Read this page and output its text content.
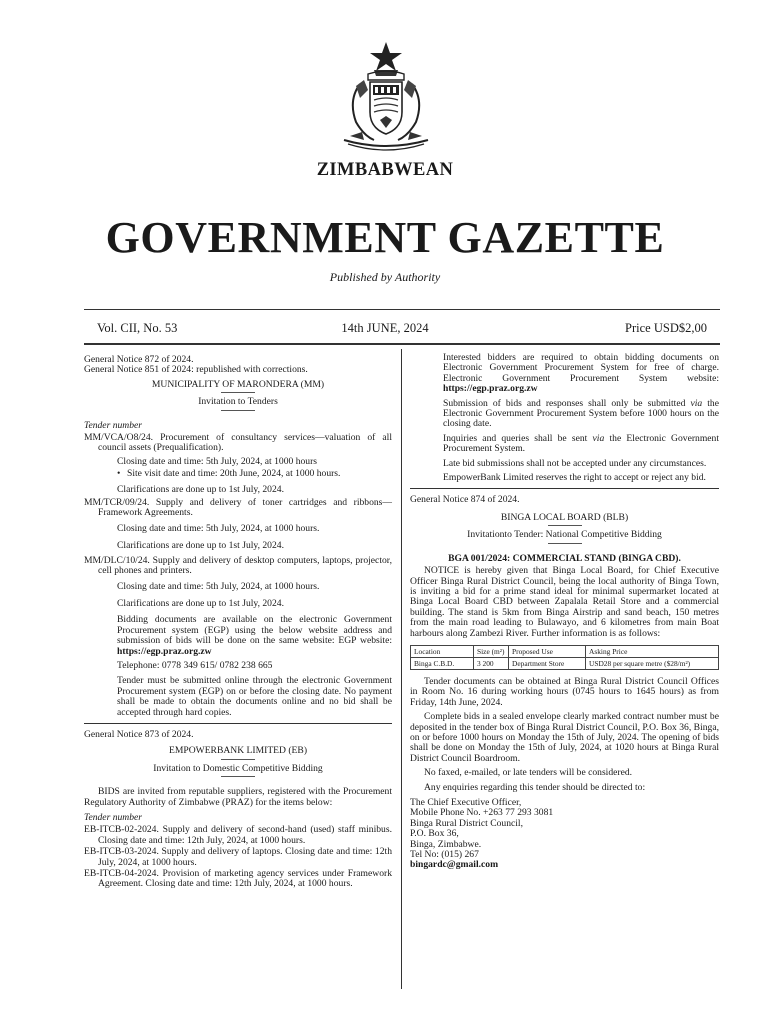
ZIMBABWEAN
GOVERNMENT GAZETTE
Published by Authority
Vol. CII, No. 53	14th JUNE, 2024	Price USD$2,00

General Notice 872 of 2024.

General Notice 851 of 2024: republished with corrections.

MUNICIPALITY OF MARONDERA (MM)

Invitation to Tenders

Tender number

MM/VCA/O8/24. Procurement of consultancy services—valuation of all council assets (Prequalification).

Closing date and time: 5th July, 2024, at 1000 hours

• Site visit date and time: 20th June, 2024, at 1000 hours.

Clarifications are done up to 1st July, 2024.

MM/TCR/09/24. Supply and delivery of toner cartridges and ribbons—Framework Agreements.

Closing date and time: 5th July, 2024, at 1000 hours.

Clarifications are done up to 1st July, 2024.

MM/DLC/10/24. Supply and delivery of desktop computers, laptops, projector, cell phones and printers.

Closing date and time: 5th July, 2024, at 1000 hours.

Clarifications are done up to 1st July, 2024.

Bidding documents are available on the electronic Government Procurement system (EGP) using the below website address and submission of bids will be done on the same website: EGP website: https://egp.praz.org.zw

Telephone: 0778 349 615/ 0782 238 665

Tender must be submitted online through the electronic Government Procurement system (EGP) on or before the closing date. No payment shall be made to obtain the documents online and no bid shall be accepted through hard copies.

General Notice 873 of 2024.

EMPOWERBANK LIMITED (EB)

Invitation to Domestic Competitive Bidding

BIDS are invited from reputable suppliers, registered with the Procurement Regulatory Authority of Zimbabwe (PRAZ) for the items below:

Tender number

EB-ITCB-02-2024. Supply and delivery of second-hand (used) staff minibus. Closing date and time: 12th July, 2024, at 1000 hours.

EB-ITCB-03-2024. Supply and delivery of laptops. Closing date and time: 12th July, 2024, at 1000 hours.

EB-ITCB-04-2024. Provision of marketing agency services under Framework Agreement. Closing date and time: 12th July, 2024, at 1000 hours.

Interested bidders are required to obtain bidding documents on Electronic Government Procurement System for free of charge. Electronic Government Procurement System website: https://egp.praz.org.zw

Submission of bids and responses shall only be submitted via the Electronic Government Procurement System before 1000 hours on the closing date.

Inquiries and queries shall be sent via the Electronic Government Procurement System.

Late bid submissions shall not be accepted under any circumstances.

EmpowerBank Limited reserves the right to accept or reject any bid.

General Notice 874 of 2024.

BINGA LOCAL BOARD (BLB)

Invitationto Tender: National Competitive Bidding

BGA 001/2024: COMMERCIAL STAND (BINGA CBD).

NOTICE is hereby given that Binga Local Board, for Chief Executive Officer Binga Rural District Council, being the local authority of Binga Town, is inviting a bid for a prime stand ideal for minimal supermarket located at Binga Local Board CBD between Zapalala Retail Store and a commercial building. The stand is 5km from Binga Airstrip and sand beach, 150 metres from the main road leading to Bulawayo, and 6 kilometres from main Boat harbours along Zambezi River. Further information is as follows:

Location	Size (m²)	Proposed Use	Asking Price
Binga C.B.D.	3 200	Department Store	USD28 per square metre ($28/m²)

Tender documents can be obtained at Binga Rural District Council Offices in Room No. 16 during working hours (0745 hours to 1645 hours) as from Friday, 14th June, 2024.

Complete bids in a sealed envelope clearly marked contract number must be deposited in the tender box of Binga Rural District Council, P.O. Box 36, Binga, on or before 1000 hours on Monday the 15th of July, 2024. The opening of bids shall be done on Monday the 15th of July, 2024, at 1020 hours at Binga Rural District Council Boardroom.

No faxed, e-mailed, or late tenders will be considered.

Any enquiries regarding this tender should be directed to:

The Chief Executive Officer,

Mobile Phone No. +263 77 293 3081

Binga Rural District Council,

P.O. Box 36,

Binga, Zimbabwe.

Tel No: (015) 267

bingardc@gmail.com
